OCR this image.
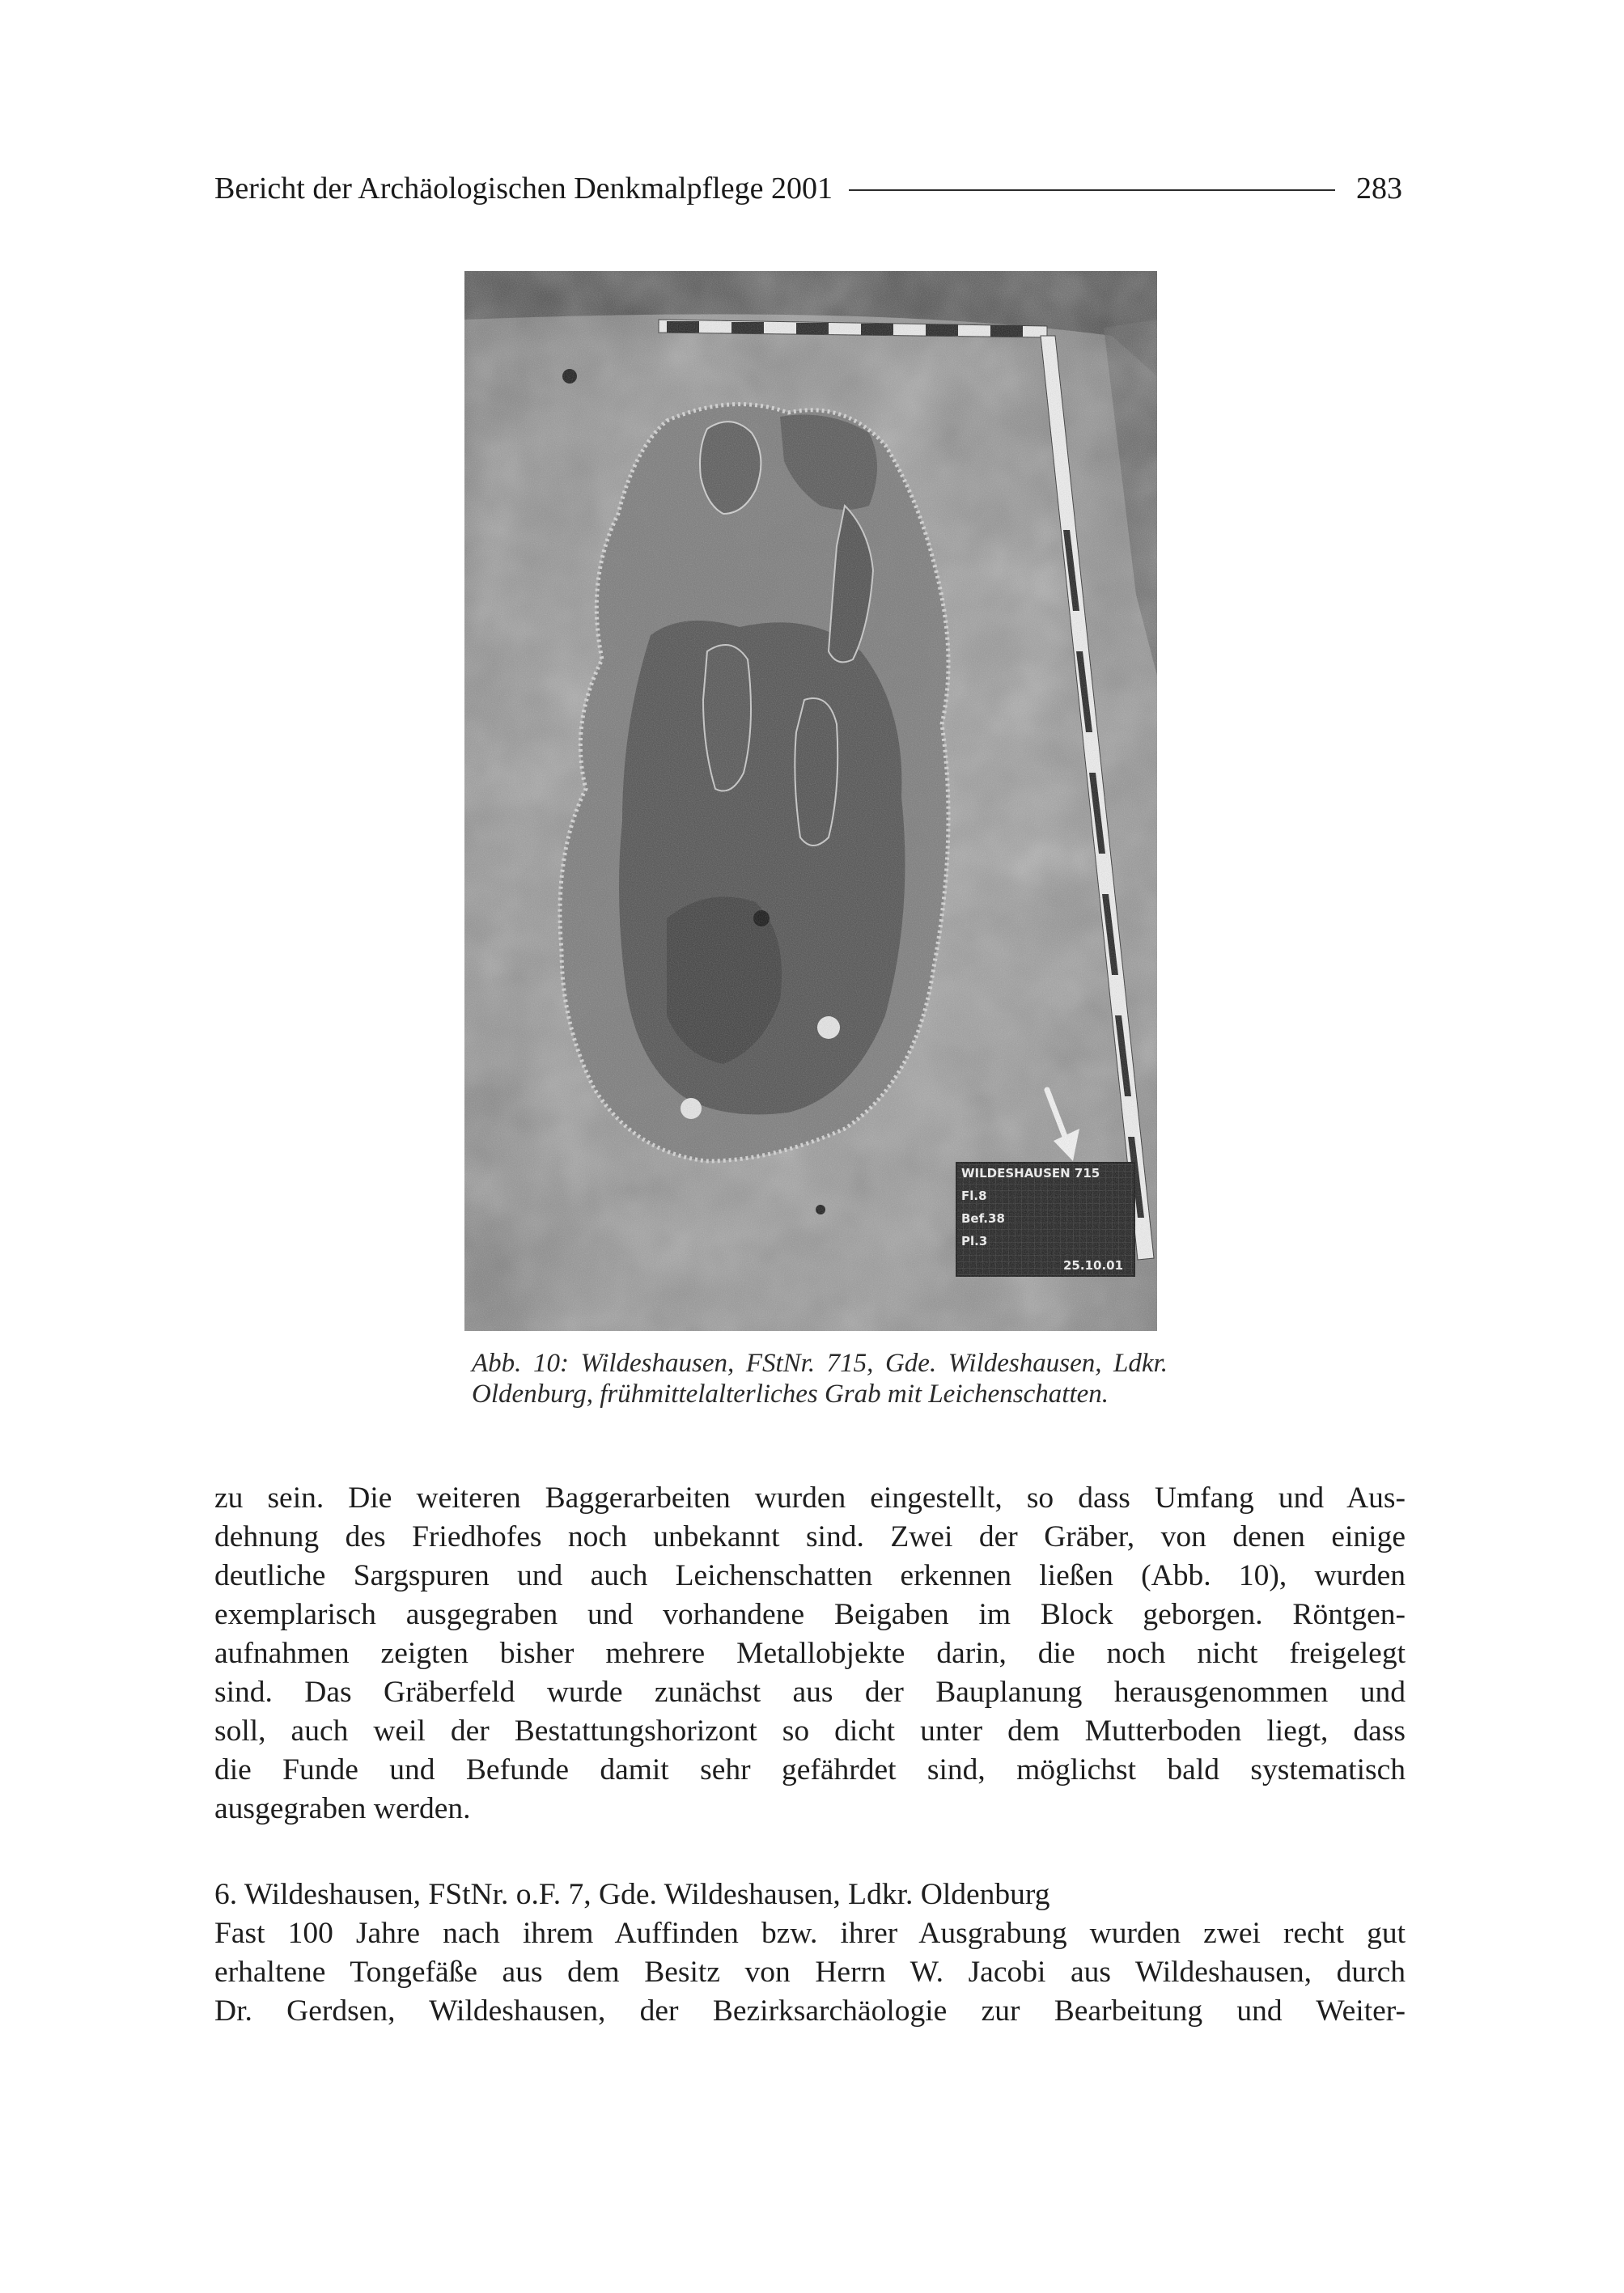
Bericht der Archäologischen Denkmalpflege 2001	283
Abb. 10: Wildeshausen, FStNr. 715, Gde. Wildeshausen, Ldkr. Oldenburg, frühmittelalterliches Grab mit Leichenschatten.
zu sein. Die weiteren Baggerarbeiten wurden eingestellt, so dass Umfang und Aus-
dehnung des Friedhofes noch unbekannt sind. Zwei der Gräber, von denen einige
deutliche Sargspuren und auch Leichenschatten erkennen ließen (Abb. 10), wurden
exemplarisch ausgegraben und vorhandene Beigaben im Block geborgen. Röntgen-
aufnahmen zeigten bisher mehrere Metallobjekte darin, die noch nicht freigelegt
sind. Das Gräberfeld wurde zunächst aus der Bauplanung herausgenommen und
soll, auch weil der Bestattungshorizont so dicht unter dem Mutterboden liegt, dass
die Funde und Befunde damit sehr gefährdet sind, möglichst bald systematisch
ausgegraben werden.
6. Wildeshausen, FStNr. o.F. 7, Gde. Wildeshausen, Ldkr. Oldenburg
Fast 100 Jahre nach ihrem Auffinden bzw. ihrer Ausgrabung wurden zwei recht gut
erhaltene Tongefäße aus dem Besitz von Herrn W. Jacobi aus Wildeshausen, durch
Dr. Gerdsen, Wildeshausen, der Bezirksarchäologie zur Bearbeitung und Weiter-
